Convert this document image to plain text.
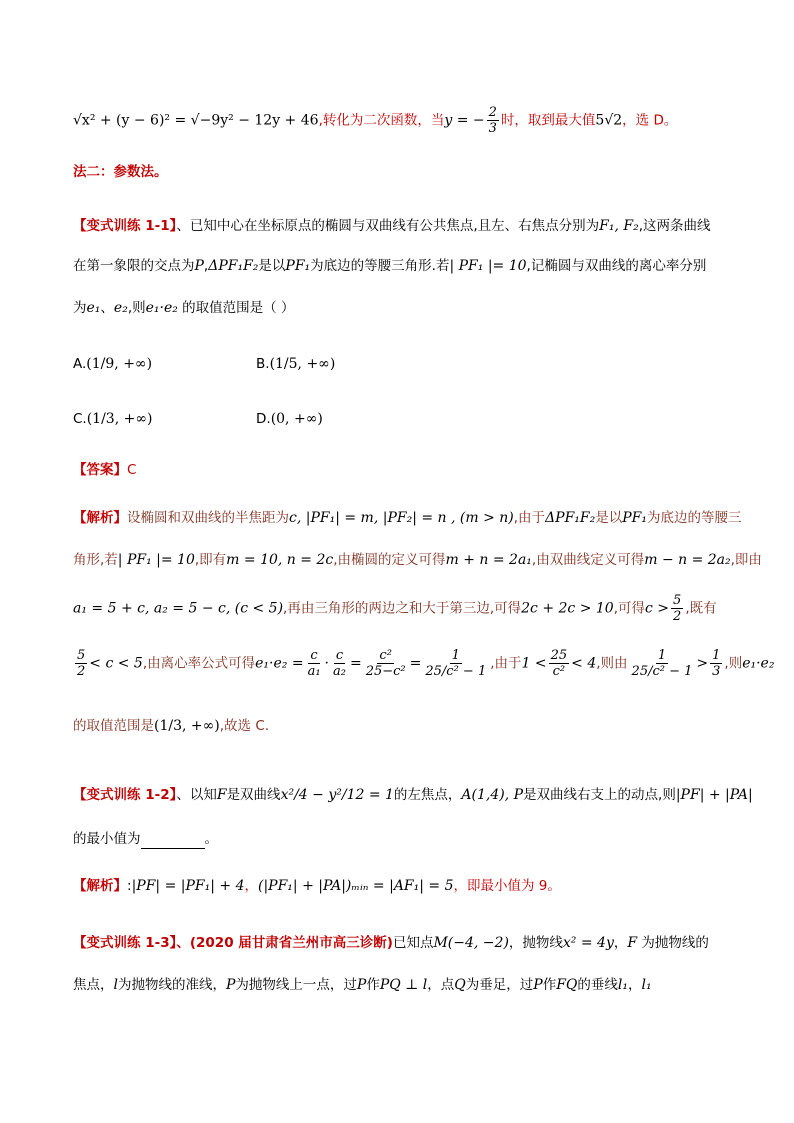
√x² + (y − 6)² = √−9y² − 12y + 46,转化为二次函数，当y = − $\frac{2}{3}$ 时，取到最大值5√2，选 D。
法二：参数法。
【变式训练 1-1】、已知中心在坐标原点的椭圆与双曲线有公共焦点,且左、右焦点分别为F₁, F₂,这两条曲线
在第一象限的交点为P,ΔPF₁F₂是以PF₁为底边的等腰三角形.若| PF₁ |= 10,记椭圆与双曲线的离心率分别
为e₁、e₂,则e₁·e₂ 的取值范围是（ ）
A.(1/9, +∞)	B.(1/5, +∞)
C.(1/3, +∞)	D.(0, +∞)
【答案】C
【解析】设椭圆和双曲线的半焦距为c, |PF₁| = m, |PF₂| = n , (m > n),由于ΔPF₁F₂是以PF₁为底边的等腰三
角形,若| PF₁ |= 10,即有m = 10, n = 2c,由椭圆的定义可得m + n = 2a₁,由双曲线定义可得m − n = 2a₂,即由
a₁ = 5 + c, a₂ = 5 − c, (c < 5),再由三角形的两边之和大于第三边,可得2c + 2c > 10,可得$c > \frac{5}{2}$ ,既有
$\frac{5}{2} < c < 5$,由离心率公式可得$e_1\cdot e_2 = \frac{c}{\text{a₁}} \cdot \frac{c}{\text{a₂}} = \frac{\text{c²}}{\text{25−c²}} = \frac{1}{\text{25/c² − 1}}$ ,由于$1 < \frac{25}{\text{c²}} < 4$,则由 $\frac{1}{\text{25/c² − 1}} > \frac{1}{3}$ ,则e₁·e₂
的取值范围是(1/3, +∞),故选 C.
【变式训练 1-2】、以知F是双曲线x²/4 − y²/12 = 1的左焦点，A(1,4), P是双曲线右支上的动点,则|PF| + |PA|
的最小值为	。
【解析】:|PF| = |PF₁| + 4，(|PF₁| + |PA|)ₘᵢₙ = |AF₁| = 5，即最小值为 9。
【变式训练 1-3】、(2020 届甘肃省兰州市高三诊断)已知点M(−4, −2)，抛物线x² = 4y，F 为抛物线的
焦点，l为抛物线的准线，P为抛物线上一点，过P作PQ ⊥ l，点Q为垂足，过P作FQ的垂线l₁，l₁
